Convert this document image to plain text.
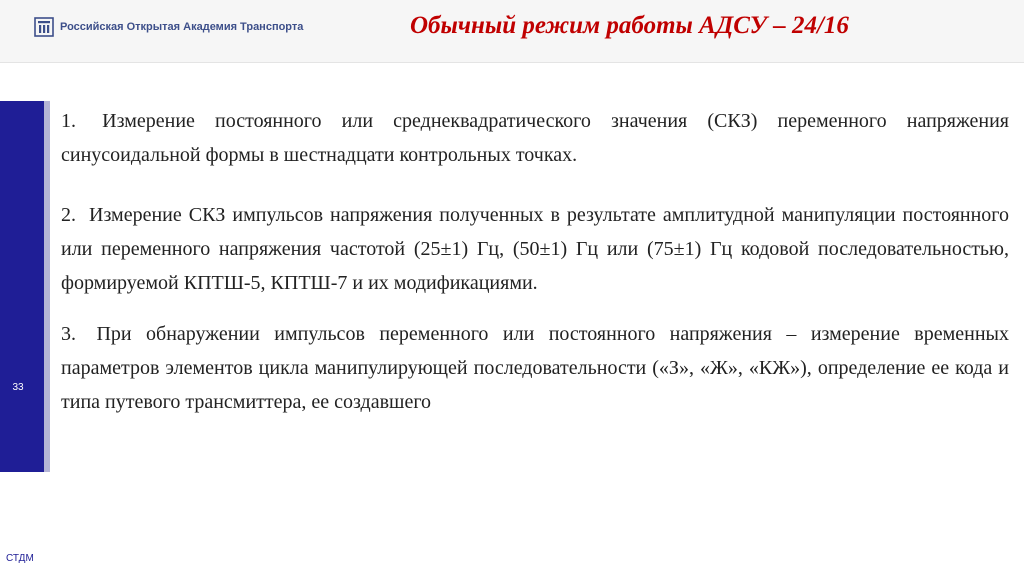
Российская Открытая Академия Транспорта	Обычный режим работы АДСУ – 24/16
33

1. Измерение постоянного или среднеквадратического значения (СКЗ) переменного напряжения синусоидальной формы в шестнадцати контрольных точках.

2. Измерение СКЗ импульсов напряжения полученных в результате амплитудной манипуляции постоянного или переменного напряжения частотой (25±1) Гц, (50±1) Гц или (75±1) Гц кодовой последовательностью, формируемой КПТШ-5, КПТШ-7 и их модификациями.

3. При обнаружении импульсов переменного или постоянного напряжения – измерение временных параметров элементов цикла манипулирующей последовательности («З», «Ж», «КЖ»), определение ее кода и типа путевого трансмиттера, ее создавшего

СТДМ
